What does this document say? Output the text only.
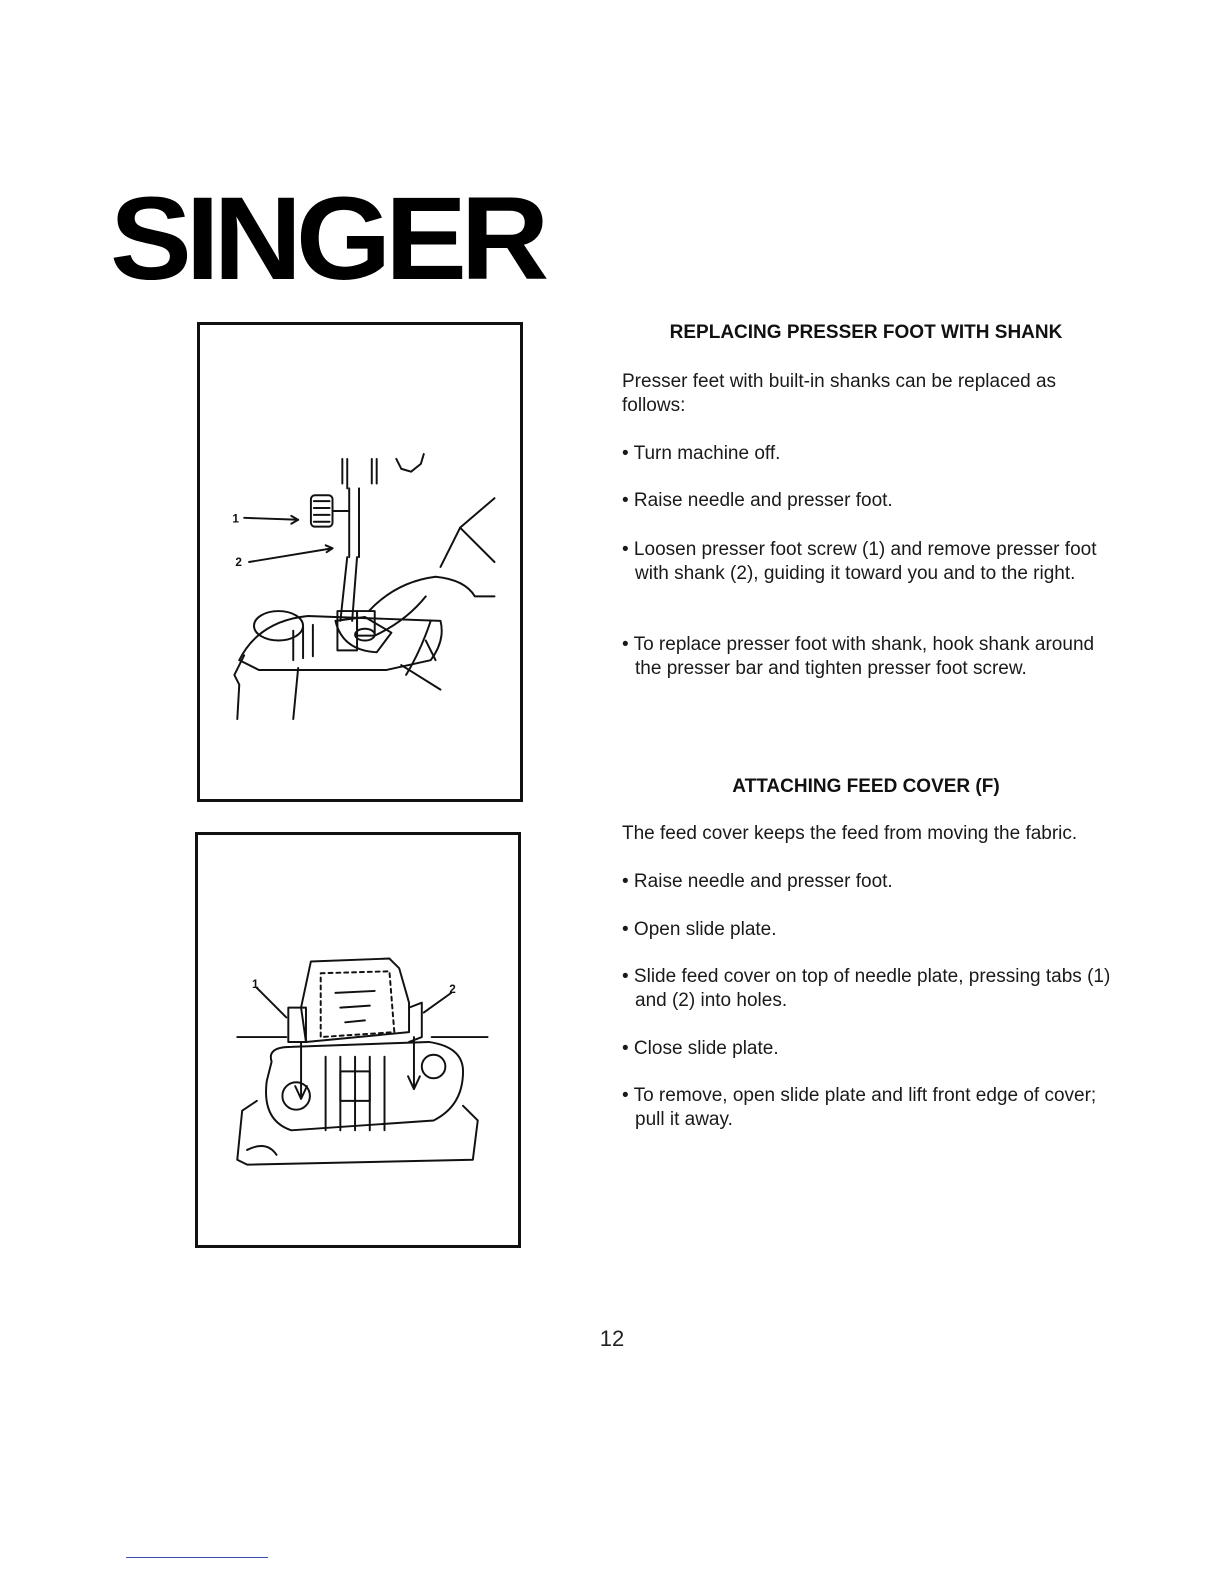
SINGER
1
2
1	2
REPLACING PRESSER FOOT WITH SHANK

Presser feet with built-in shanks can be replaced as follows:

• Turn machine off.

• Raise needle and presser foot.

• Loosen presser foot screw (1) and remove presser foot with shank (2), guiding it toward you and to the right.

• To replace presser foot with shank, hook shank around the presser bar and tighten presser foot screw.

ATTACHING FEED COVER (F)

The feed cover keeps the feed from moving the fabric.

• Raise needle and presser foot.

• Open slide plate.

• Slide feed cover on top of needle plate, pressing tabs (1) and (2) into holes.

• Close slide plate.

• To remove, open slide plate and lift front edge of cover; pull it away.

12
